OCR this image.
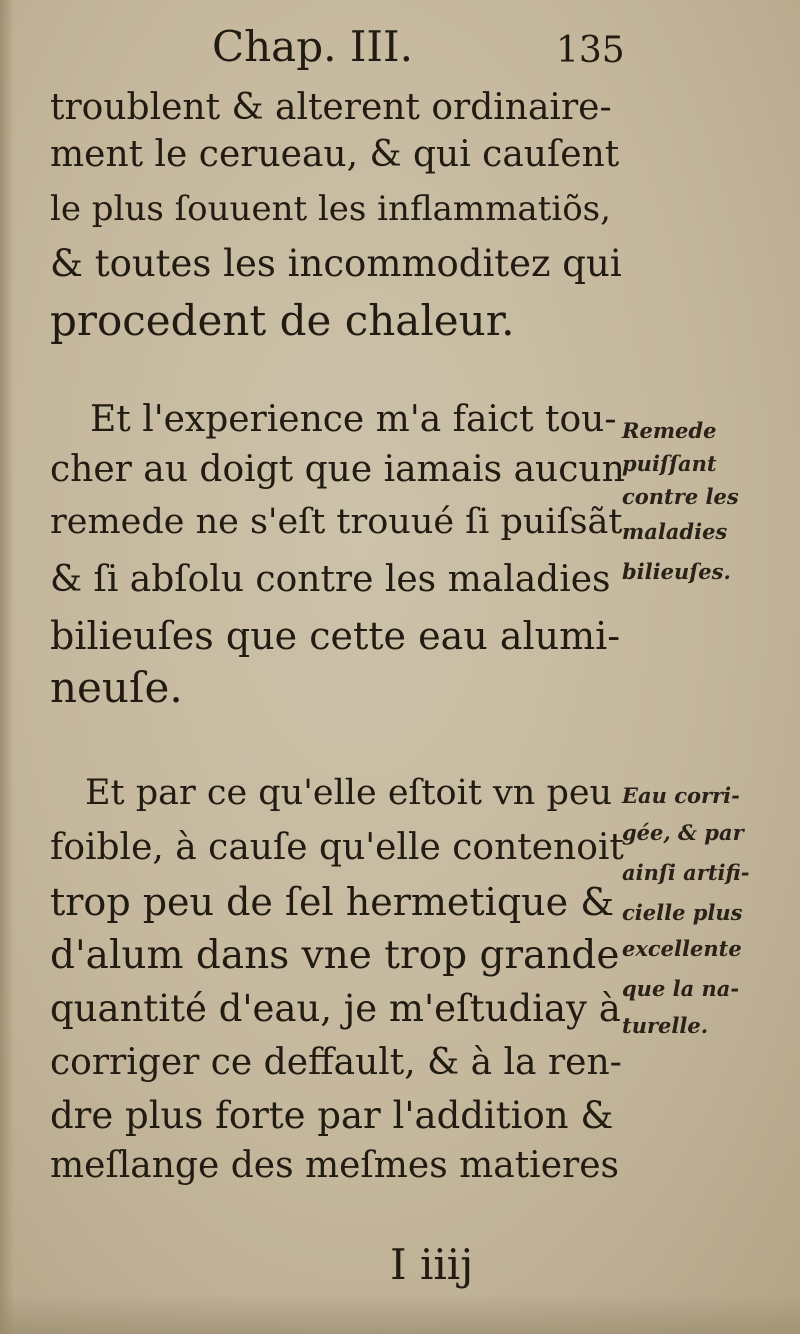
Chap. III.	135
troublent & alterent ordinaire-
ment le cerueau, & qui cauſent
le plus ſouuent les inflammatiõs,
& toutes les incommoditez qui
procedent de chaleur.
Et l'experience m'a faict tou-
cher au doigt que iamais aucun
remede ne s'eſt trouué ſi puiſsãt
& ſi abſolu contre les maladies
bilieuſes que cette eau alumi-
neuſe.
Remede
puiſſant
contre les
maladies
bilieuſes.
Et par ce qu'elle eſtoit vn peu
foible, à cauſe qu'elle contenoit
trop peu de ſel hermetique &
d'alum dans vne trop grande
quantité d'eau, je m'eſtudiay à
corriger ce deffault, & à la ren-
dre plus forte par l'addition &
meſlange des meſmes matieres
Eau corri-
gée, & par
ainſi artifi-
cielle plus
excellente
que la na-
turelle.
I iiij
